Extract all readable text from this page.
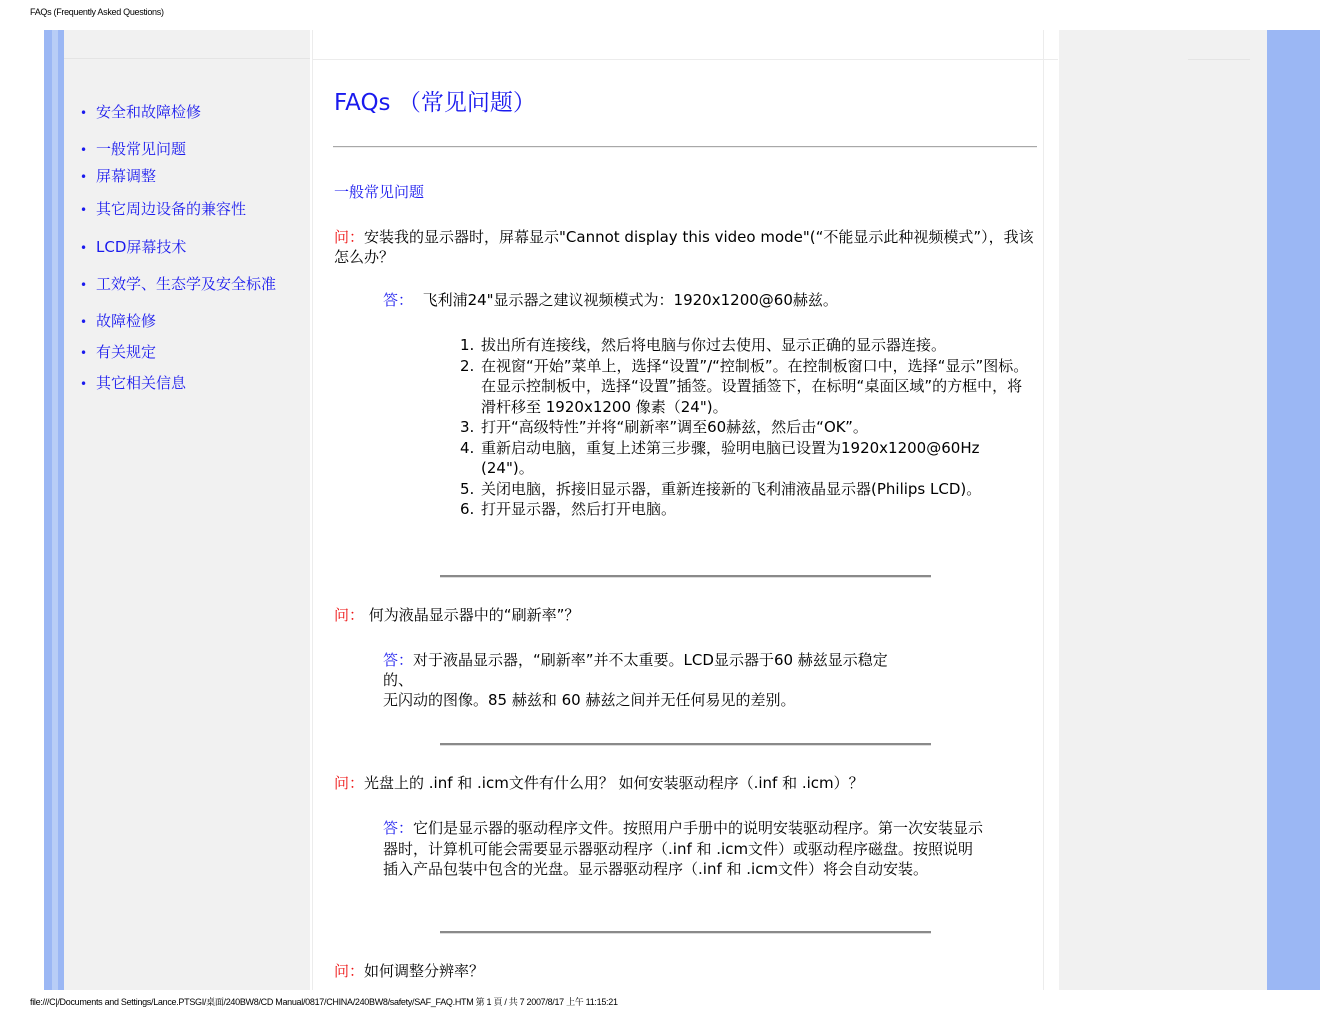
FAQs (Frequently Asked Questions)
• 安全和故障检修
• 一般常见问题
• 屏幕调整
• 其它周边设备的兼容性
• LCD屏幕技术
• 工效学、生态学及安全标准
• 故障检修
• 有关规定
• 其它相关信息
FAQs （常见问题）
一般常见问题
问：安装我的显示器时，屏幕显示"Cannot display this video mode"(“不能显示此种视频模式”），我该怎么办？
答： 飞利浦24"显示器之建议视频模式为：1920x1200@60赫兹。
1. 拔出所有连接线，然后将电脑与你过去使用、显示正确的显示器连接。
2. 在视窗“开始”菜单上，选择“设置”/“控制板”。在控制板窗口中，选择“显示”图标。在显示控制板中，选择“设置”插签。设置插签下，在标明“桌面区域”的方框中，将滑杆移至 1920x1200 像素（24")。
3. 打开“高级特性”并将“刷新率”调至60赫兹，然后击“OK”。
4. 重新启动电脑，重复上述第三步骤，验明电脑已设置为1920x1200@60Hz (24")。
5. 关闭电脑，拆接旧显示器，重新连接新的飞利浦液晶显示器(Philips LCD)。
6. 打开显示器，然后打开电脑。
问： 何为液晶显示器中的“刷新率”？
答：对于液晶显示器，“刷新率”并不太重要。LCD显示器于60 赫兹显示稳定
的、
无闪动的图像。85 赫兹和 60 赫兹之间并无任何易见的差别。
问：光盘上的 .inf 和 .icm文件有什么用？ 如何安装驱动程序（.inf 和 .icm）？
答：它们是显示器的驱动程序文件。按照用户手册中的说明安装驱动程序。第一次安装显示器时，计算机可能会需要显示器驱动程序（.inf 和 .icm文件）或驱动程序磁盘。按照说明插入产品包装中包含的光盘。显示器驱动程序（.inf 和 .icm文件）将会自动安装。
问：如何调整分辨率？
file:///C|/Documents and Settings/Lance.PTSGI/桌面/240BW8/CD Manual/0817/CHINA/240BW8/safety/SAF_FAQ.HTM 第 1 頁 / 共 7 2007/8/17 上午 11:15:21
